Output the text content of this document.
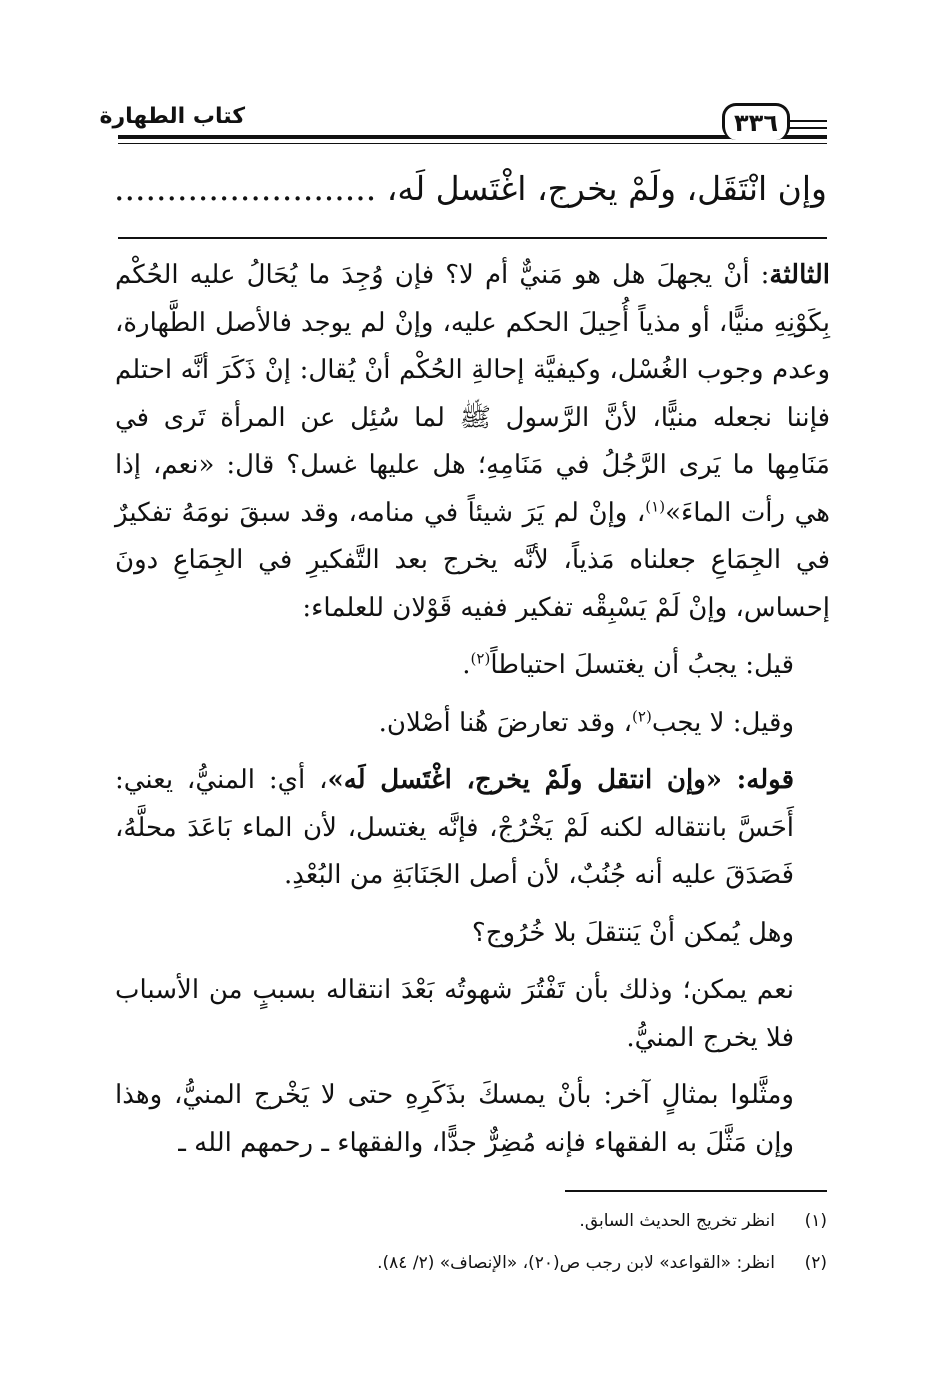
كتاب الطهارة	٣٣٦
وإن انْتَقَل، ولَمْ يخرج، اغْتَسل لَه، .........................

الثالثة: أنْ يجهلَ هل هو مَنيٌّ أم لا؟ فإن وُجِدَ ما يُحَالُ عليه الحُكْم بِكَوْنِهِ منيًّا، أو مذياً أُحِيلَ الحكم عليه، وإنْ لم يوجد فالأصل الطَّهارة، وعدم وجوب الغُسْل، وكيفيَّة إحالةِ الحُكْم أنْ يُقال: إنْ ذَكَرَ أنَّه احتلم فإننا نجعله منيًّا، لأنَّ الرَّسول ﷺ لما سُئِل عن المرأة تَرى في مَنَامِها ما يَرى الرَّجُلُ في مَنَامِهِ؛ هل عليها غسل؟ قال: «نعم، إذا هي رأت الماءَ»$^{(١)}$، وإنْ لم يَرَ شيئاً في منامه، وقد سبقَ نومَهُ تفكيرٌ في الجِمَاعِ جعلناه مَذياً، لأنَّه يخرج بعد التَّفكيرِ في الجِمَاعِ دونَ إحساس، وإنْ لَمْ يَسْبِقْه تفكير ففيه قَوْلان للعلماء:

قيل: يجبُ أن يغتسلَ احتياطاً$^{(٢)}$.

وقيل: لا يجب$^{(٢)}$، وقد تعارضَ هُنا أصْلان.

قوله: «وإن انتقل ولَمْ يخرج، اغْتَسل لَه»، أي: المنيُّ، يعني: أَحَسَّ بانتقاله لكنه لَمْ يَخْرُجْ، فإنَّه يغتسل، لأن الماء بَاعَدَ محلَّهُ، فَصَدَقَ عليه أنه جُنُبٌ، لأن أصل الجَنَابَةِ من البُعْدِ.

وهل يُمكن أنْ يَنتقلَ بلا خُرُوج؟

نعم يمكن؛ وذلك بأن تَفْتُرَ شهوتُه بَعْدَ انتقاله بسببٍ من الأسباب فلا يخرج المنيُّ.

ومثَّلوا بمثالٍ آخر: بأنْ يمسكَ بذَكَرِهِ حتى لا يَخْرج المنيُّ، وهذا وإن مَثَّلَ به الفقهاء فإنه مُضِرٌّ جدًّا، والفقهاء ـ رحمهم الله ـ

(١)
انظر تخريج الحديث السابق.
(٢)
انظر: «القواعد» لابن رجب ص(٢٠)، «الإنصاف» (٢/ ٨٤).
